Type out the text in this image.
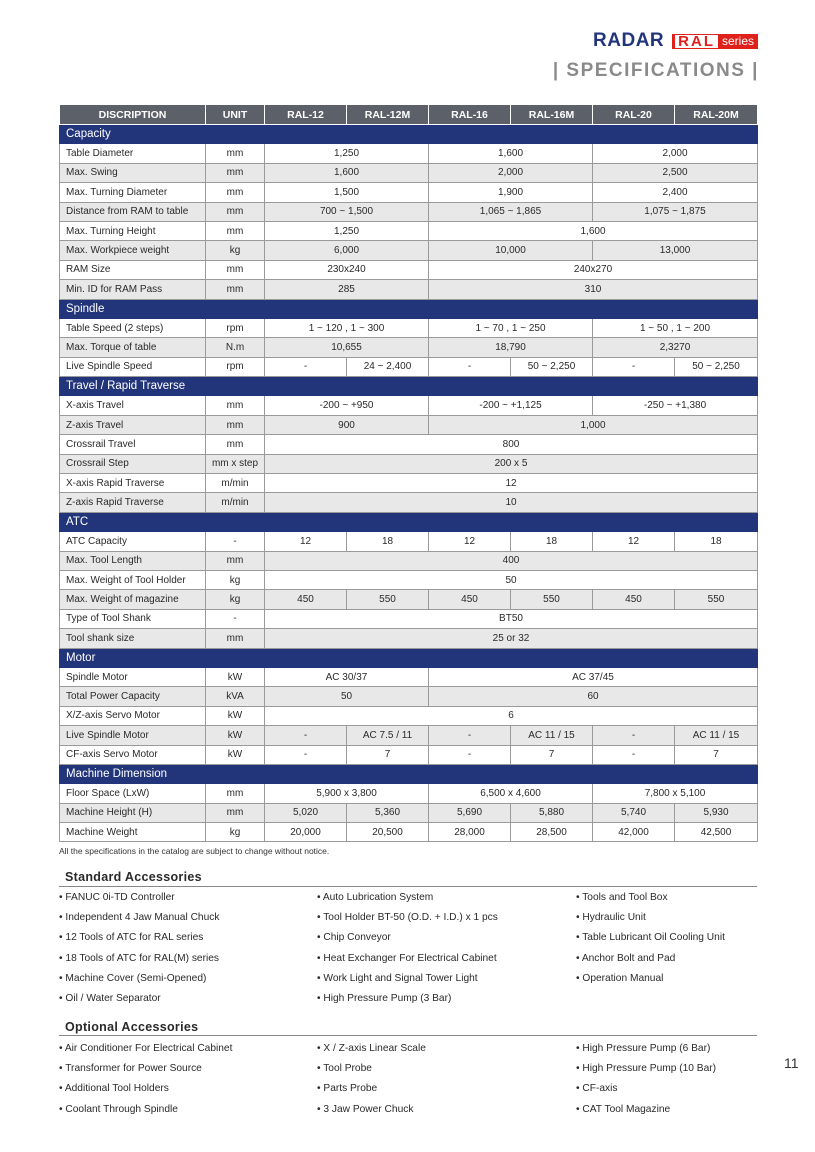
RADAR RAL series
| SPECIFICATIONS |
DISCRIPTION	UNIT	RAL-12	RAL-12M	RAL-16	RAL-16M	RAL-20	RAL-20M
Capacity							
Table Diameter	mm	1,250		1,600		2,000	
Max. Swing	mm	1,600		2,000		2,500	
Max. Turning Diameter	mm	1,500		1,900		2,400	
Distance from RAM to table	mm	700 ~ 1,500		1,065 ~ 1,865		1,075 ~ 1,875	
Max. Turning Height	mm	1,250		1,600			
Max. Workpiece weight	kg	6,000		10,000		13,000	
RAM Size	mm	230x240		240x270			
Min. ID for RAM Pass	mm	285		310			
Spindle							
Table Speed (2 steps)	rpm	1 ~ 120 , 1 ~ 300		1 ~ 70 , 1 ~ 250		1 ~ 50 , 1 ~ 200	
Max. Torque of table	N.m	10,655		18,790		2,3270	
Live Spindle Speed	rpm	-	24 ~ 2,400	-	50 ~ 2,250	-	50 ~ 2,250
Travel / Rapid Traverse							
X-axis Travel	mm	-200 ~ +950		-200 ~ +1,125		-250 ~ +1,380	
Z-axis Travel	mm	900		1,000			
Crossrail Travel	mm	800					
Crossrail Step	mm x step	200 x 5					
X-axis Rapid Traverse	m/min	12					
Z-axis Rapid Traverse	m/min	10					
ATC							
ATC Capacity	-	12	18	12	18	12	18
Max. Tool Length	mm	400					
Max. Weight of Tool Holder	kg	50					
Max. Weight of magazine	kg	450	550	450	550	450	550
Type of Tool Shank	-	BT50					
Tool shank size	mm	25 or 32					
Motor							
Spindle Motor	kW	AC 30/37		AC 37/45			
Total Power Capacity	kVA	50		60			
X/Z-axis Servo Motor	kW	6					
Live Spindle Motor	kW	-	AC 7.5 / 11	-	AC 11 / 15	-	AC 11 / 15
CF-axis Servo Motor	kW	-	7	-	7	-	7
Machine Dimension							
Floor Space (LxW)	mm	5,900 x 3,800		6,500 x 4,600		7,800 x 5,100	
Machine Height (H)	mm	5,020	5,360	5,690	5,880	5,740	5,930
Machine Weight	kg	20,000	20,500	28,000	28,500	42,000	42,500
All the specifications in the catalog are subject to change without notice.
Standard Accessories
• FANUC 0i-TD Controller	• Auto Lubrication System	• Tools and Tool Box
• Independent 4 Jaw Manual Chuck	• Tool Holder BT-50 (O.D. + I.D.) x 1 pcs	• Hydraulic Unit
• 12 Tools of ATC for RAL series	• Chip Conveyor	• Table Lubricant Oil Cooling Unit
• 18 Tools of ATC for RAL(M) series	• Heat Exchanger For Electrical Cabinet	• Anchor Bolt and Pad
• Machine Cover (Semi-Opened)	• Work Light and Signal Tower Light	• Operation Manual
• Oil / Water Separator	• High Pressure Pump (3 Bar)
Optional Accessories
• Air Conditioner For Electrical Cabinet	• X / Z-axis Linear Scale	• High Pressure Pump (6 Bar)
• Transformer for Power Source	• Tool Probe	• High Pressure Pump (10 Bar)
• Additional Tool Holders	• Parts Probe	• CF-axis
• Coolant Through Spindle	• 3 Jaw Power Chuck	• CAT Tool Magazine
11
